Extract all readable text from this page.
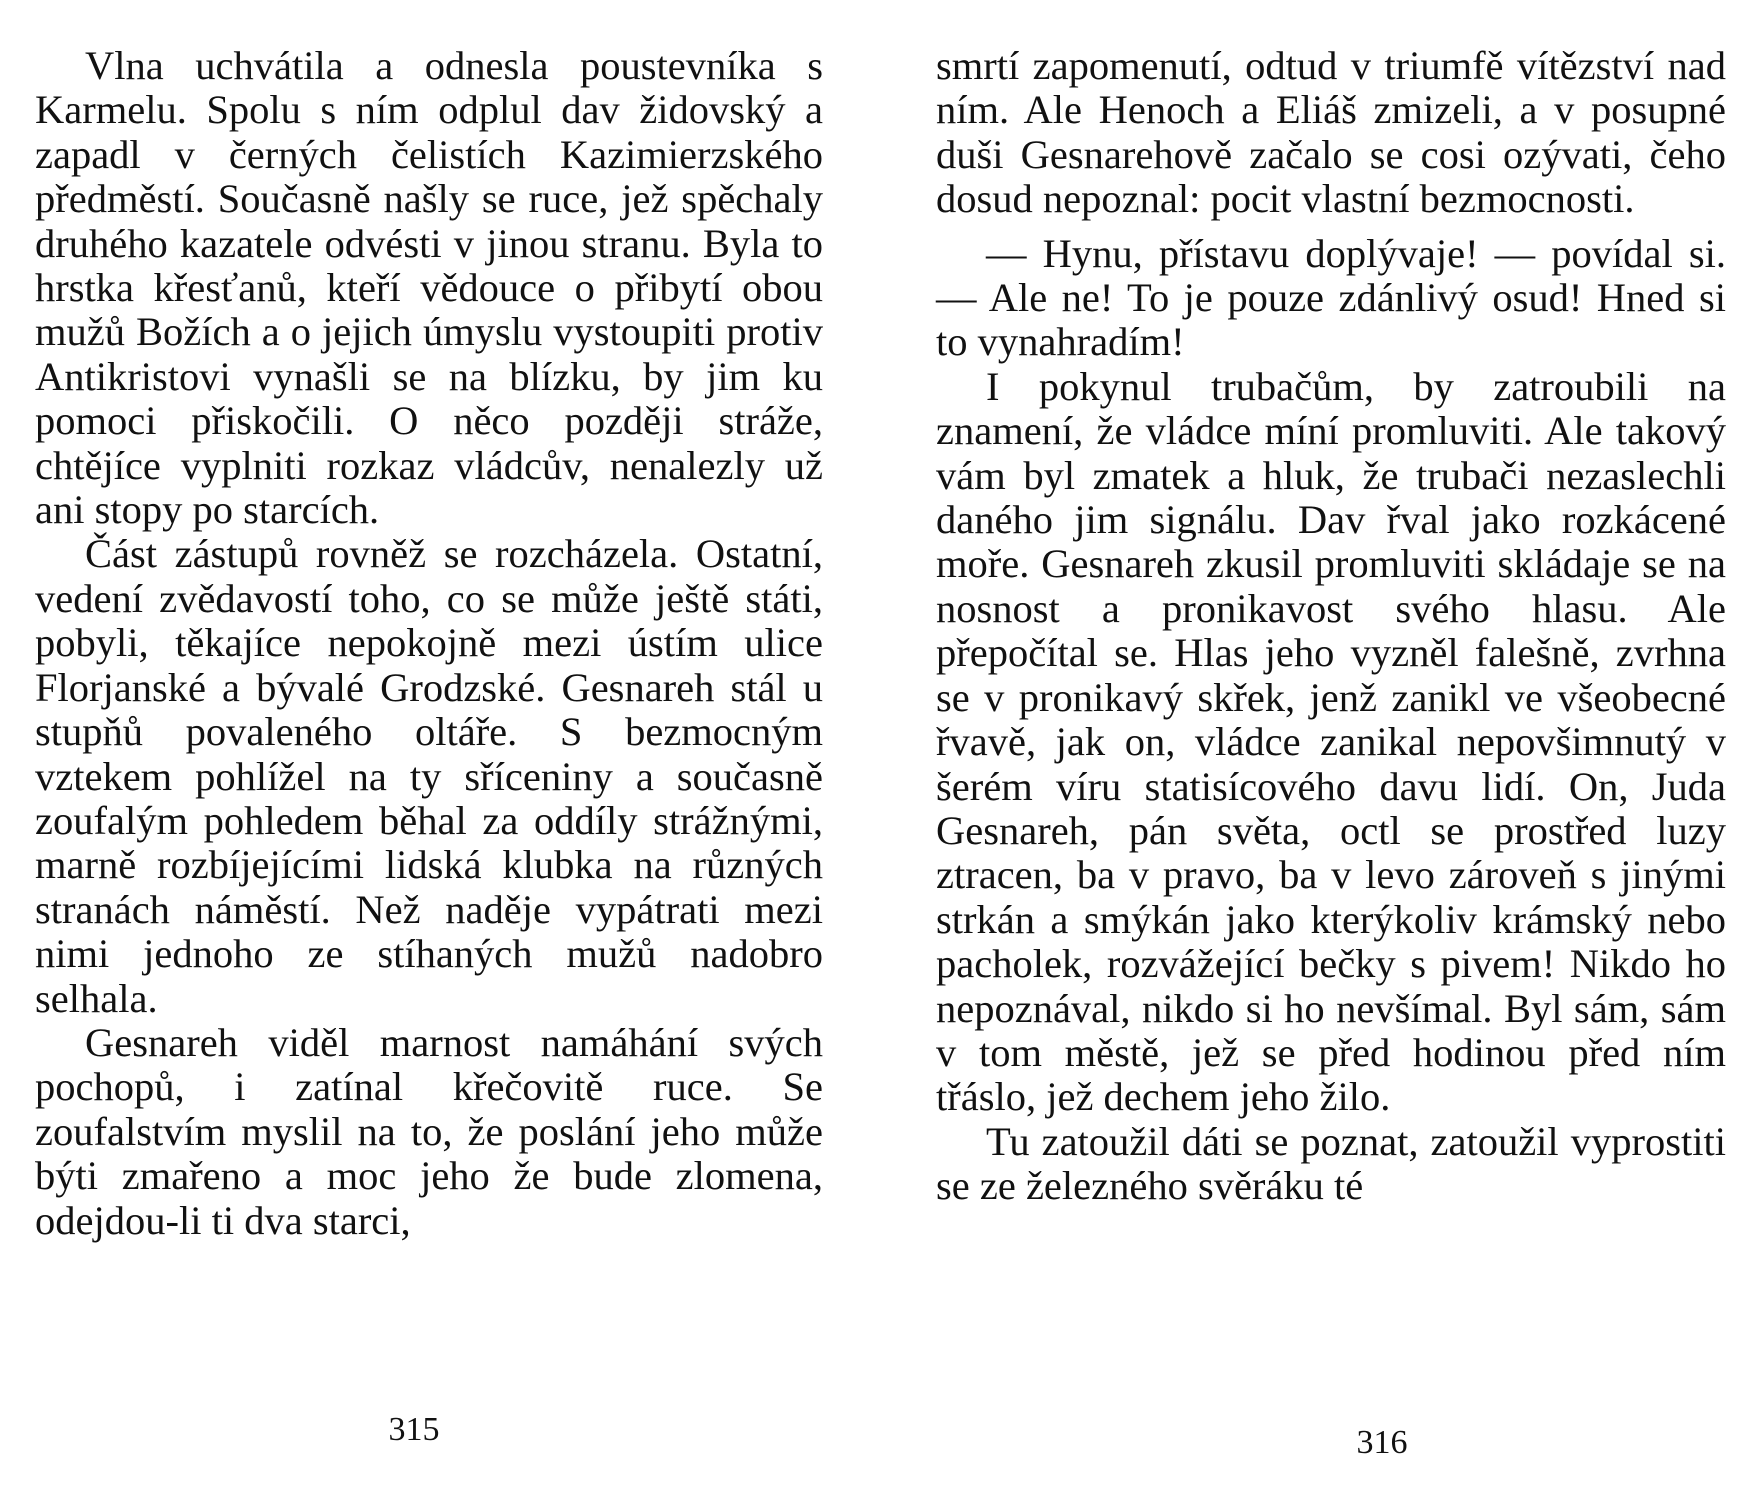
Vlna uchvátila a odnesla poustevníka s Karmelu. Spolu s ním odplul dav židovský a zapadl v černých čelistích Kazimierzského předměstí. Současně našly se ruce, jež spěchaly druhého kazatele odvésti v jinou stranu. Byla to hrstka křesťanů, kteří vědouce o přibytí obou mužů Božích a o jejich úmyslu vystoupiti protiv Antikristovi vynašli se na blízku, by jim ku pomoci přiskočili. O něco později stráže, chtějíce vyplniti rozkaz vládcův, nenalezly už ani stopy po starcích.

Část zástupů rovněž se rozcházela. Ostatní, vedení zvědavostí toho, co se může ještě státi, pobyli, těkajíce nepokojně mezi ústím ulice Florjanské a bývalé Grodzské. Gesnareh stál u stupňů povaleného oltáře. S bezmocným vztekem pohlížel na ty sříceniny a současně zoufalým pohledem běhal za oddíly strážnými, marně rozbíjejícími lidská klubka na různých stranách náměstí. Než naděje vypátrati mezi nimi jednoho ze stíhaných mužů nadobro selhala.

Gesnareh viděl marnost namáhání svých pochopů, i zatínal křečovitě ruce. Se zoufalstvím myslil na to, že poslání jeho může býti zmařeno a moc jeho že bude zlomena, odejdou-li ti dva starci,

315

smrtí zapomenutí, odtud v triumfě vítězství nad ním. Ale Henoch a Eliáš zmizeli, a v posupné duši Gesnarehově začalo se cosi ozývati, čeho dosud nepoznal: pocit vlastní bezmocnosti.

— Hynu, přístavu doplývaje! — povídal si. — Ale ne! To je pouze zdánlivý osud! Hned si to vynahradím!

I pokynul trubačům, by zatroubili na znamení, že vládce míní promluviti. Ale takový vám byl zmatek a hluk, že trubači nezaslechli daného jim signálu. Dav řval jako rozkácené moře. Gesnareh zkusil promluviti skládaje se na nosnost a pronikavost svého hlasu. Ale přepočítal se. Hlas jeho vyzněl falešně, zvrhna se v pronikavý skřek, jenž zanikl ve všeobecné řvavě, jak on, vládce zanikal nepovšimnutý v šerém víru statisícového davu lidí. On, Juda Gesnareh, pán světa, octl se prostřed luzy ztracen, ba v pravo, ba v levo zároveň s jinými strkán a smýkán jako kterýkoliv krámský nebo pacholek, rozvážející bečky s pivem! Nikdo ho nepoznával, nikdo si ho nevšímal. Byl sám, sám v tom městě, jež se před hodinou před ním třáslo, jež dechem jeho žilo.

Tu zatoužil dáti se poznat, zatoužil vyprostiti se ze železného svěráku té

316
